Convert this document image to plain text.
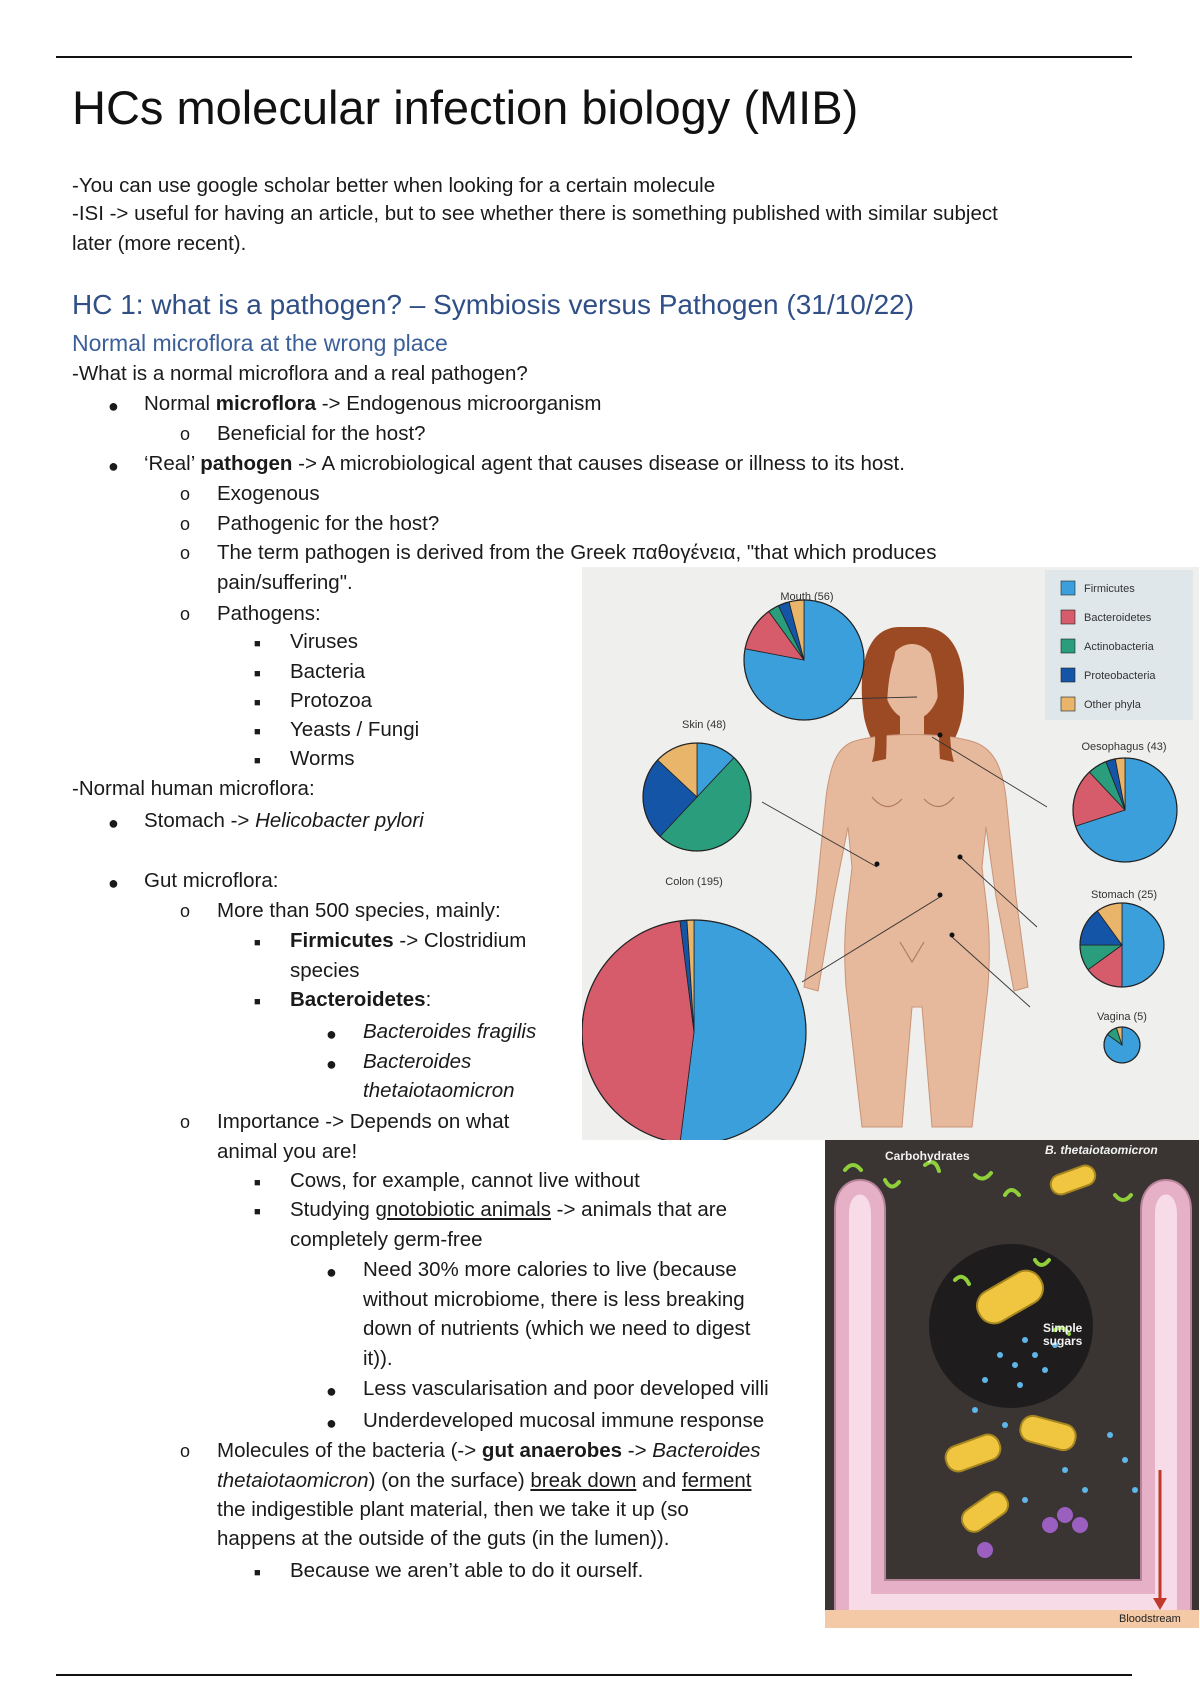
HCs molecular infection biology (MIB)
-You can use google scholar better when looking for a certain molecule
-ISI -> useful for having an article, but to see whether there is something published with similar subject
later (more recent).
HC 1: what is a pathogen? – Symbiosis versus Pathogen (31/10/22)
Normal microflora at the wrong place
-What is a normal microflora and a real pathogen?
● Normal microflora -> Endogenous microorganism
o Beneficial for the host?
● ‘Real’ pathogen -> A microbiological agent that causes disease or illness to its host.
o Exogenous
o Pathogenic for the host?
o The term pathogen is derived from the Greek παθογένεια, "that which produces
pain/suffering".
o Pathogens:
■ Viruses
■ Bacteria
■ Protozoa
■ Yeasts / Fungi
■ Worms
-Normal human microflora:
● Stomach -> Helicobacter pylori
● Gut microflora:
o More than 500 species, mainly:
■ Firmicutes -> Clostridium
species
■ Bacteroidetes:
● Bacteroides fragilis
● Bacteroides
thetaiotaomicron
o Importance -> Depends on what
animal you are!
■ Cows, for example, cannot live without
■ Studying gnotobiotic animals -> animals that are
completely germ-free
● Need 30% more calories to live (because
without microbiome, there is less breaking
down of nutrients (which we need to digest
it)).
● Less vascularisation and poor developed villi
● Underdeveloped mucosal immune response
o Molecules of the bacteria (-> gut anaerobes -> Bacteroides
thetaiotaomicron) (on the surface) break down and ferment
the indigestible plant material, then we take it up (so
happens at the outside of the guts (in the lumen)).
■ Because we aren’t able to do it ourself.
Firmicutes
Bacteroidetes
Actinobacteria
Proteobacteria
Other phyla
Mouth (56)
Skin (48)
Colon (195)
Oesophagus (43)
Stomach (25)
Vagina (5)
Carbohydrates	B. thetaiotaomicron
Simple
sugars
Bloodstream
